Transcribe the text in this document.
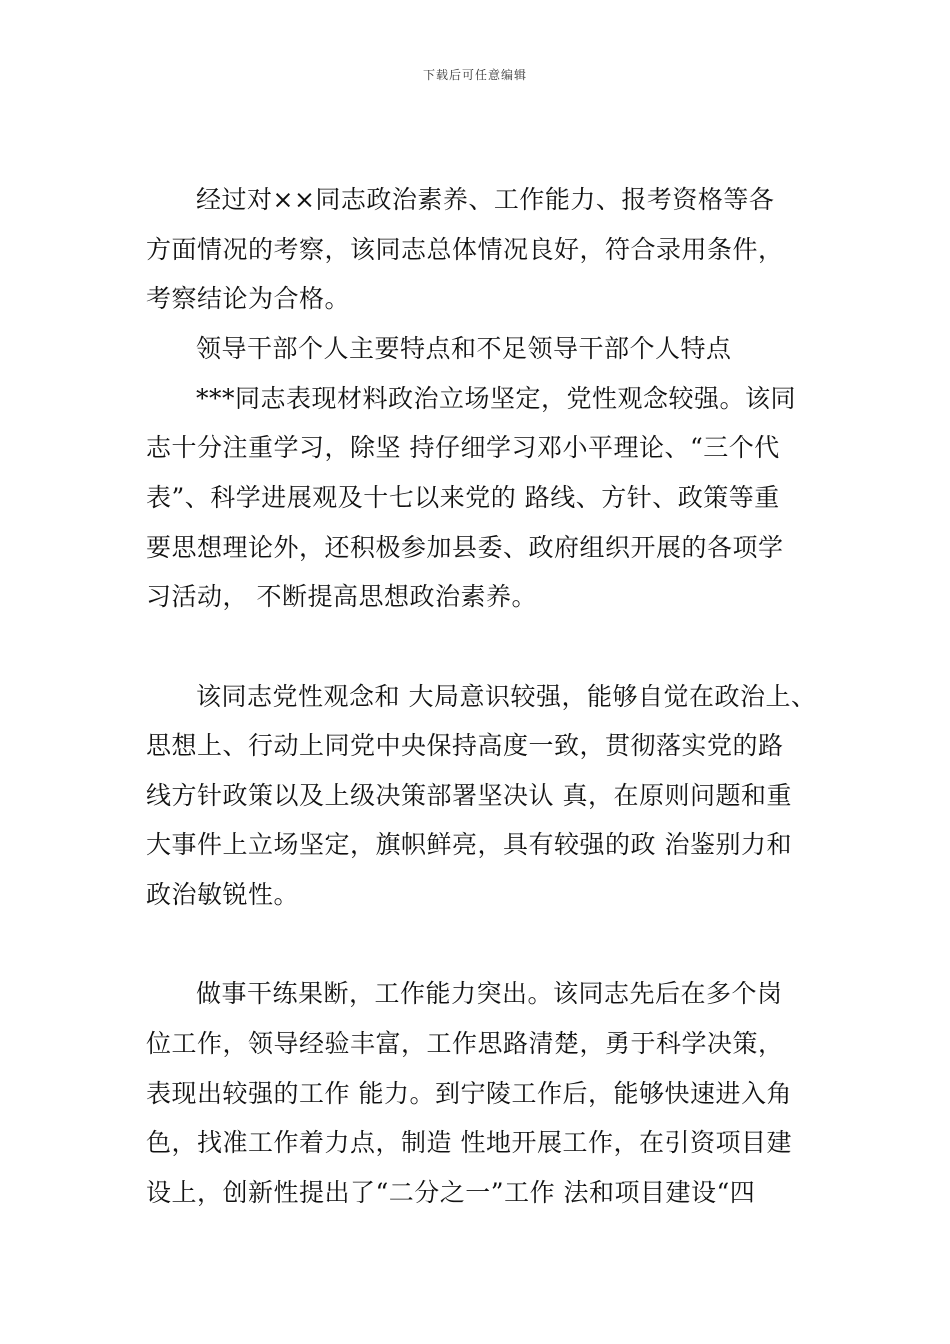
下载后可任意编辑
经过对××同志政治素养、工作能力、报考资格等各
方面情况的考察，该同志总体情况良好，符合录用条件，
考察结论为合格。
领导干部个人主要特点和不足领导干部个人特点
***同志表现材料政治立场坚定，党性观念较强。该同
志十分注重学习，除坚 持仔细学习邓小平理论、“三个代
表”、科学进展观及十七以来党的 路线、方针、政策等重
要思想理论外，还积极参加县委、政府组织开展的各项学
习活动， 不断提高思想政治素养。
该同志党性观念和 大局意识较强，能够自觉在政治上、
思想上、行动上同党中央保持高度一致，贯彻落实党的路
线方针政策以及上级决策部署坚决认 真，在原则问题和重
大事件上立场坚定，旗帜鲜亮，具有较强的政 治鉴别力和
政治敏锐性。
做事干练果断，工作能力突出。该同志先后在多个岗
位工作，领导经验丰富，工作思路清楚，勇于科学决策，
表现出较强的工作 能力。到宁陵工作后，能够快速进入角
色，找准工作着力点，制造 性地开展工作，在引资项目建
设上，创新性提出了“二分之一”工作 法和项目建设“四
